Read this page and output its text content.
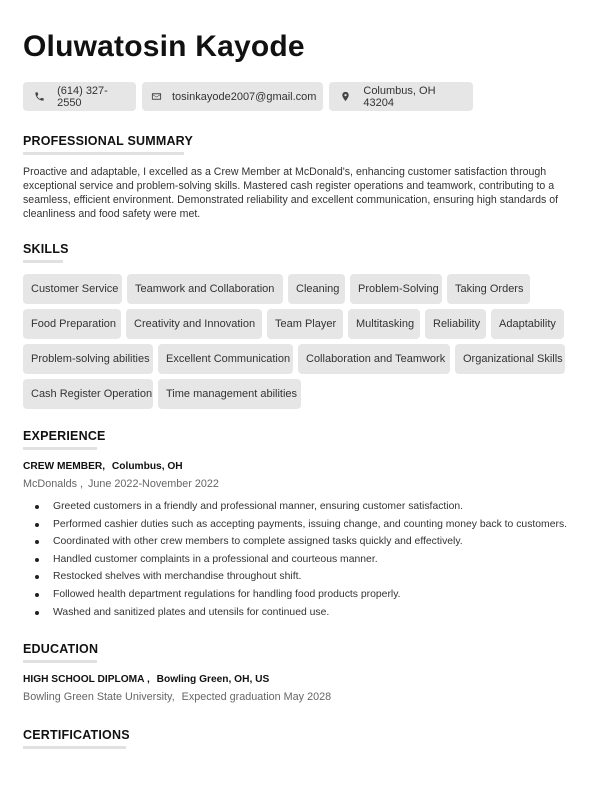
Oluwatosin Kayode
(614) 327-2550	tosinkayode2007@gmail.com	Columbus, OH 43204
PROFESSIONAL SUMMARY
Proactive and adaptable, I excelled as a Crew Member at McDonald's, enhancing customer satisfaction through exceptional service and problem-solving skills. Mastered cash register operations and teamwork, contributing to a seamless, efficient environment. Demonstrated reliability and excellent communication, ensuring high standards of cleanliness and food safety were met.
SKILLS
Customer Service	Teamwork and Collaboration	Cleaning	Problem-Solving	Taking Orders
Food Preparation	Creativity and Innovation	Team Player	Multitasking	Reliability	Adaptability
Problem-solving abilities	Excellent Communication	Collaboration and Teamwork	Organizational Skills
Cash Register Operation	Time management abilities
EXPERIENCE
CREW MEMBER, Columbus, OH
McDonalds , June 2022-November 2022
Greeted customers in a friendly and professional manner, ensuring customer satisfaction.
Performed cashier duties such as accepting payments, issuing change, and counting money back to customers.
Coordinated with other crew members to complete assigned tasks quickly and effectively.
Handled customer complaints in a professional and courteous manner.
Restocked shelves with merchandise throughout shift.
Followed health department regulations for handling food products properly.
Washed and sanitized plates and utensils for continued use.
EDUCATION
HIGH SCHOOL DIPLOMA , Bowling Green, OH, US
Bowling Green State University, Expected graduation May 2028
CERTIFICATIONS
